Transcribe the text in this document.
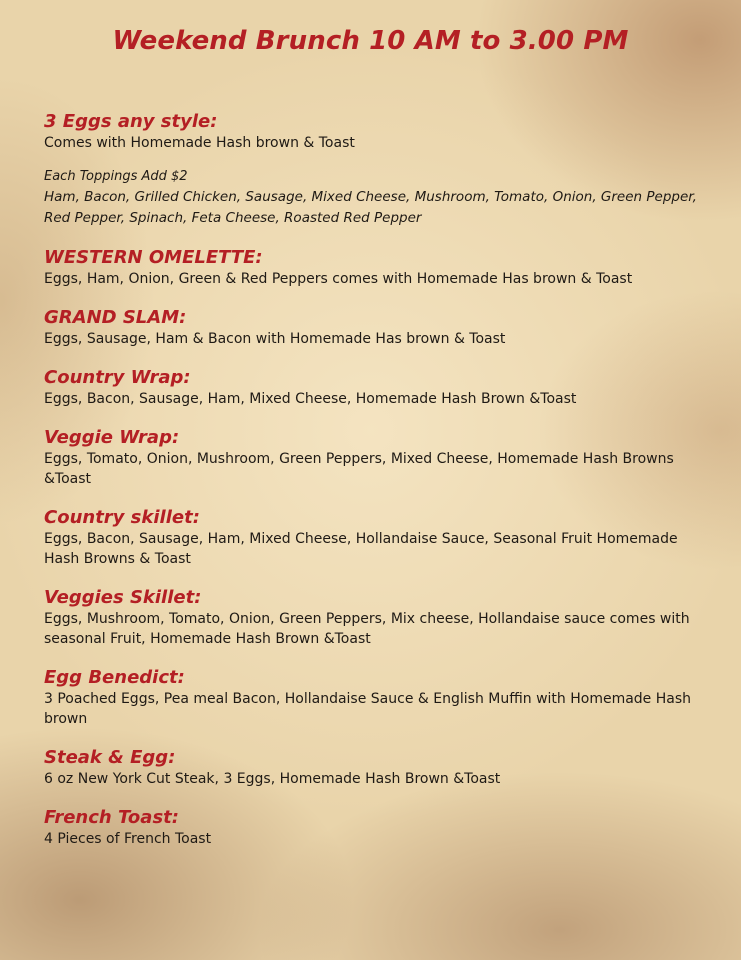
Weekend Brunch 10 AM to 3.00 PM

3 Eggs any style:

Comes with Homemade Hash brown & Toast

Each Toppings Add $2

Ham, Bacon, Grilled Chicken, Sausage, Mixed Cheese, Mushroom, Tomato, Onion, Green Pepper, Red Pepper, Spinach, Feta Cheese, Roasted Red Pepper

WESTERN OMELETTE:

Eggs, Ham, Onion, Green & Red Peppers comes with Homemade Has brown & Toast

GRAND SLAM:

Eggs, Sausage, Ham & Bacon with Homemade Has brown & Toast

Country Wrap:

Eggs, Bacon, Sausage, Ham, Mixed Cheese, Homemade Hash Brown &Toast

Veggie Wrap:

Eggs, Tomato, Onion, Mushroom, Green Peppers, Mixed Cheese, Homemade Hash Browns &Toast

Country skillet:

Eggs, Bacon, Sausage, Ham, Mixed Cheese, Hollandaise Sauce, Seasonal Fruit Homemade Hash Browns & Toast

Veggies Skillet:

Eggs, Mushroom, Tomato, Onion, Green Peppers, Mix cheese, Hollandaise sauce comes with seasonal Fruit, Homemade Hash Brown &Toast

Egg Benedict:

3 Poached Eggs, Pea meal Bacon, Hollandaise Sauce & English Muffin with Homemade Hash brown

Steak & Egg:

6 oz New York Cut Steak, 3 Eggs, Homemade Hash Brown &Toast

French Toast:

4 Pieces of French Toast
